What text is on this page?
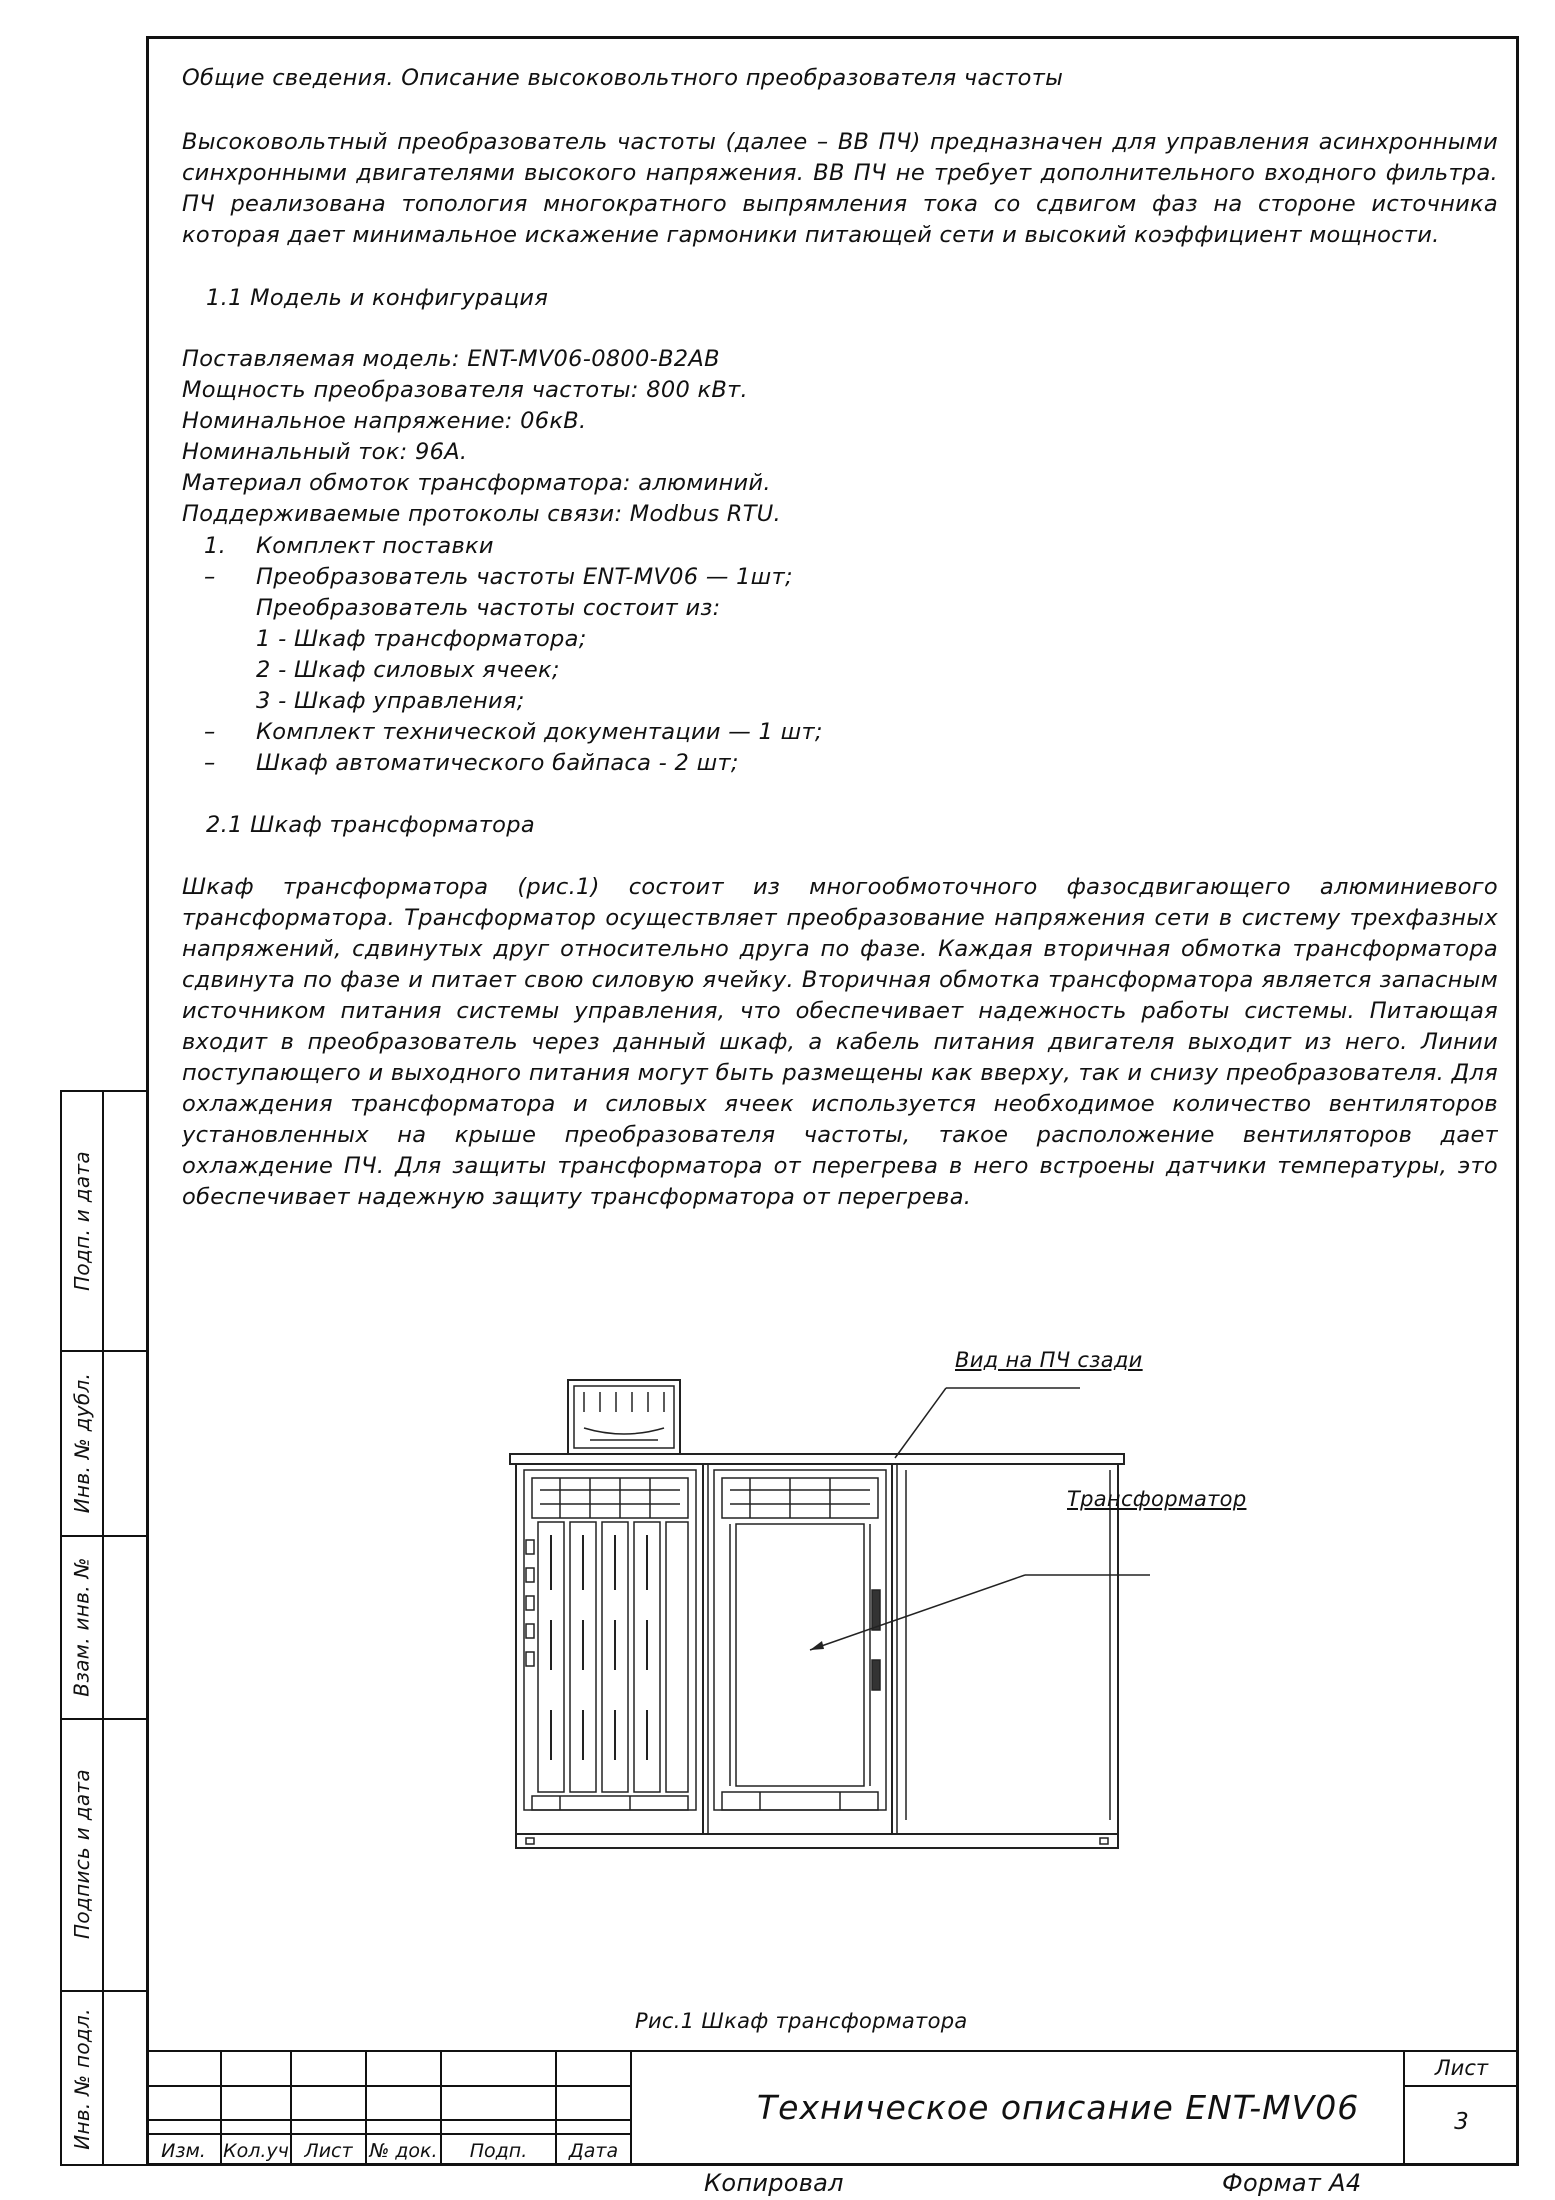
Общие сведения. Описание высоковольтного преобразователя частоты
Высоковольтный преобразователь частоты (далее – ВВ ПЧ) предназначен для управления асинхронными
синхронными двигателями высокого напряжения. ВВ ПЧ не требует дополнительного входного фильтра.
ПЧ реализована топология многократного выпрямления тока со сдвигом фаз на стороне источника
которая дает минимальное искажение гармоники питающей сети и высокий коэффициент мощности.
1.1 Модель и конфигурация
Поставляемая модель: ENT-MV06-0800-B2AB
Мощность преобразователя частоты: 800 кВт.
Номинальное напряжение: 06кВ.
Номинальный ток: 96А.
Материал обмоток трансформатора: алюминий.
Поддерживаемые протоколы связи: Modbus RTU.
1.	Комплект поставки
–	Преобразователь частоты ENT-MV06 — 1шт;
Преобразователь частоты состоит из:
1 - Шкаф трансформатора;
2 - Шкаф силовых ячеек;
3 - Шкаф управления;
–	Комплект технической документации — 1 шт;
–	Шкаф автоматического байпаса - 2 шт;
2.1 Шкаф трансформатора
Шкаф трансформатора (рис.1) состоит из многообмоточного фазосдвигающего алюминиевого
трансформатора. Трансформатор осуществляет преобразование напряжения сети в систему трехфазных
напряжений, сдвинутых друг относительно друга по фазе. Каждая вторичная обмотка трансформатора
сдвинута по фазе и питает свою силовую ячейку. Вторичная обмотка трансформатора является запасным
источником питания системы управления, что обеспечивает надежность работы системы. Питающая
входит в преобразователь через данный шкаф, а кабель питания двигателя выходит из него. Линии
поступающего и выходного питания могут быть размещены как вверху, так и снизу преобразователя. Для
охлаждения трансформатора и силовых ячеек используется необходимое количество вентиляторов
установленных на крыше преобразователя частоты, такое расположение вентиляторов дает
охлаждение ПЧ. Для защиты трансформатора от перегрева в него встроены датчики температуры, это
обеспечивает надежную защиту трансформатора от перегрева.
Вид на ПЧ сзади
Трансформатор
Рис.1 Шкаф трансформатора
Подп. и дата
Инв. № дубл.
Взам. инв. №
Подпись и дата
Инв. № подл.
Изм. Кол.уч Лист № док.	Подп.	Дата
Техническое описание ENT-MV06
Лист
3
Копировал	Формат А4
